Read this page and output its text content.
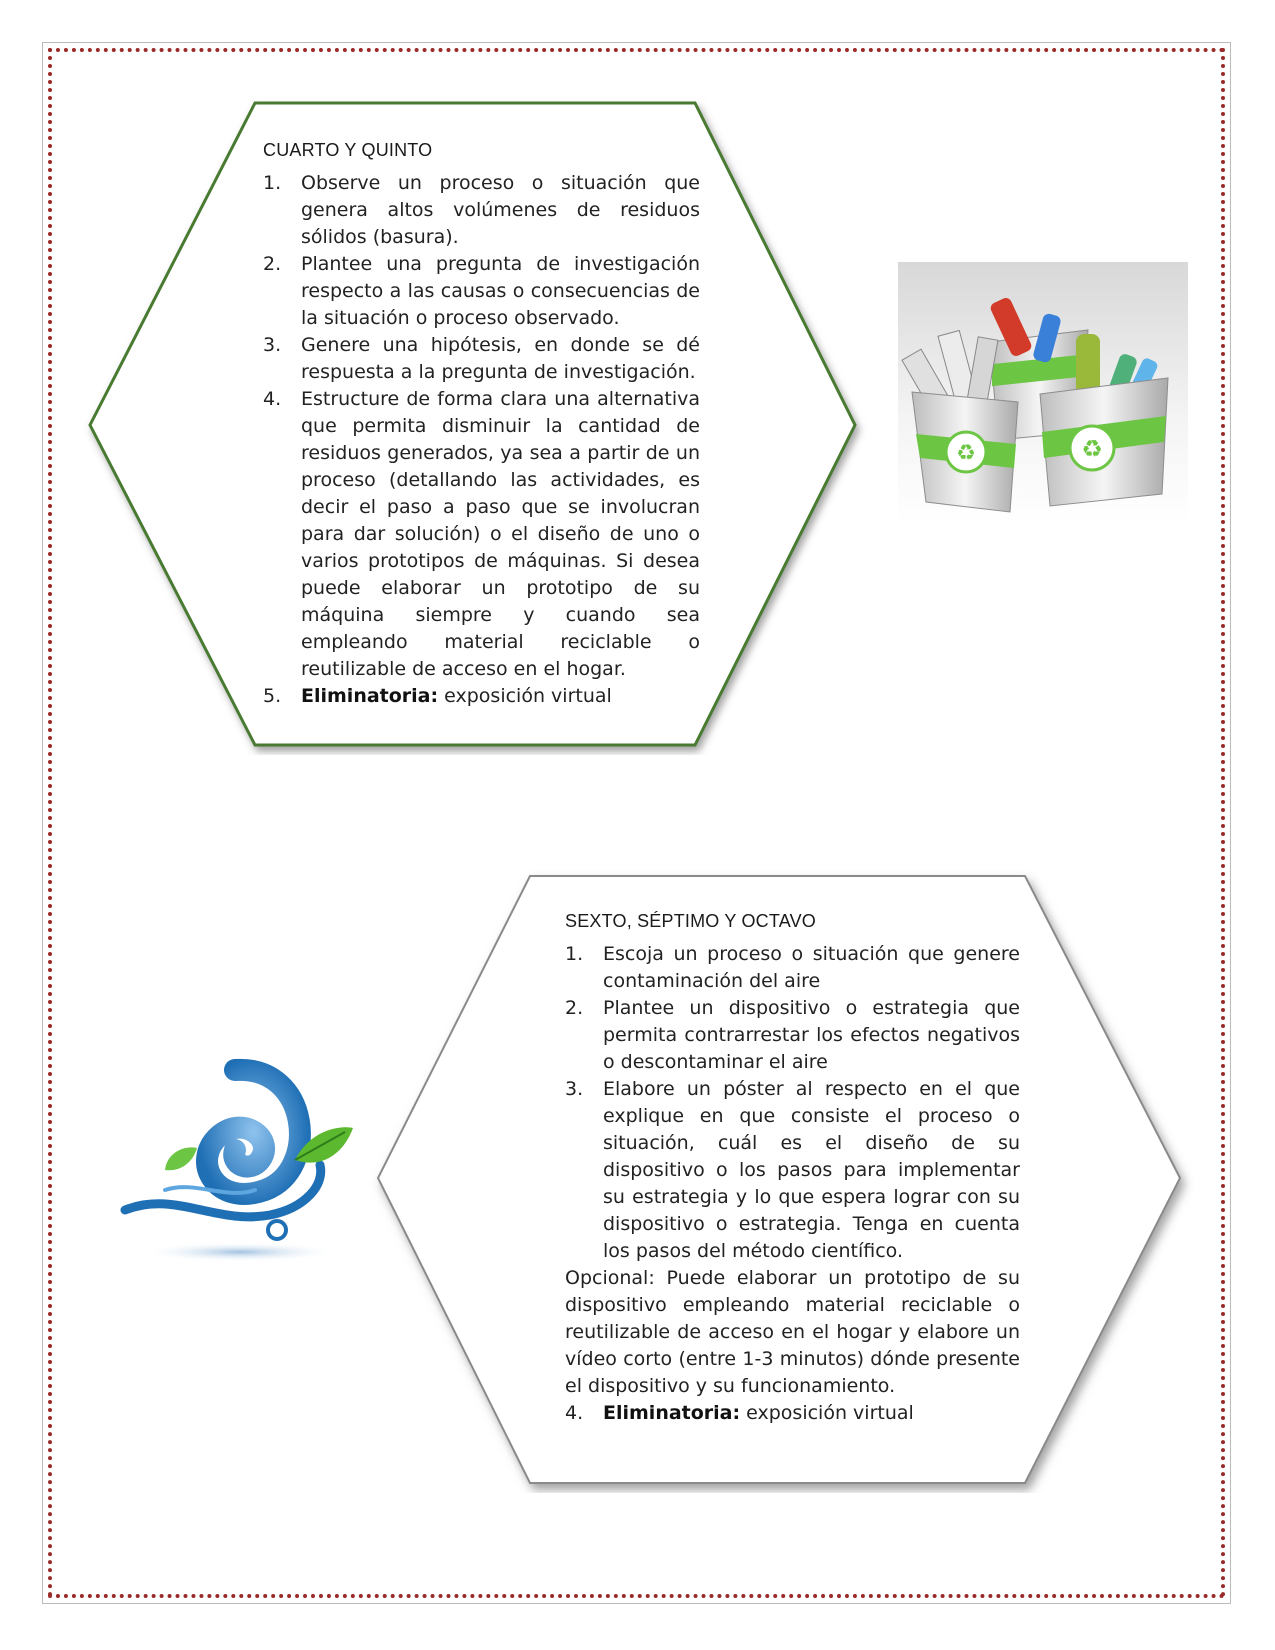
CUARTO Y QUINTO
1.	Observe un proceso o situación que genera altos volúmenes de residuos sólidos (basura).
2.	Plantee una pregunta de investigación respecto a las causas o consecuencias de la situación o proceso observado.
3.	Genere una hipótesis, en donde se dé respuesta a la pregunta de investigación.
4.	Estructure de forma clara una alternativa que permita disminuir la cantidad de residuos generados, ya sea a partir de un proceso (detallando las actividades, es decir el paso a paso que se involucran para dar solución) o el diseño de uno o varios prototipos de máquinas. Si desea puede elaborar un prototipo de su máquina siempre y cuando sea empleando material reciclable o reutilizable de acceso en el hogar.
5.	Eliminatoria: exposición virtual
♻	♻
SEXTO, SÉPTIMO Y OCTAVO
1.	Escoja un proceso o situación que genere contaminación del aire
2.	Plantee un dispositivo o estrategia que permita contrarrestar los efectos negativos o descontaminar el aire
3.	Elabore un póster al respecto en el que explique en que consiste el proceso o situación, cuál es el diseño de su dispositivo o los pasos para implementar su estrategia y lo que espera lograr con su dispositivo o estrategia. Tenga en cuenta los pasos del método científico.
Opcional: Puede elaborar un prototipo de su dispositivo empleando material reciclable o reutilizable de acceso en el hogar y elabore un vídeo corto (entre 1-3 minutos) dónde presente el dispositivo y su funcionamiento.
4.	Eliminatoria: exposición virtual
